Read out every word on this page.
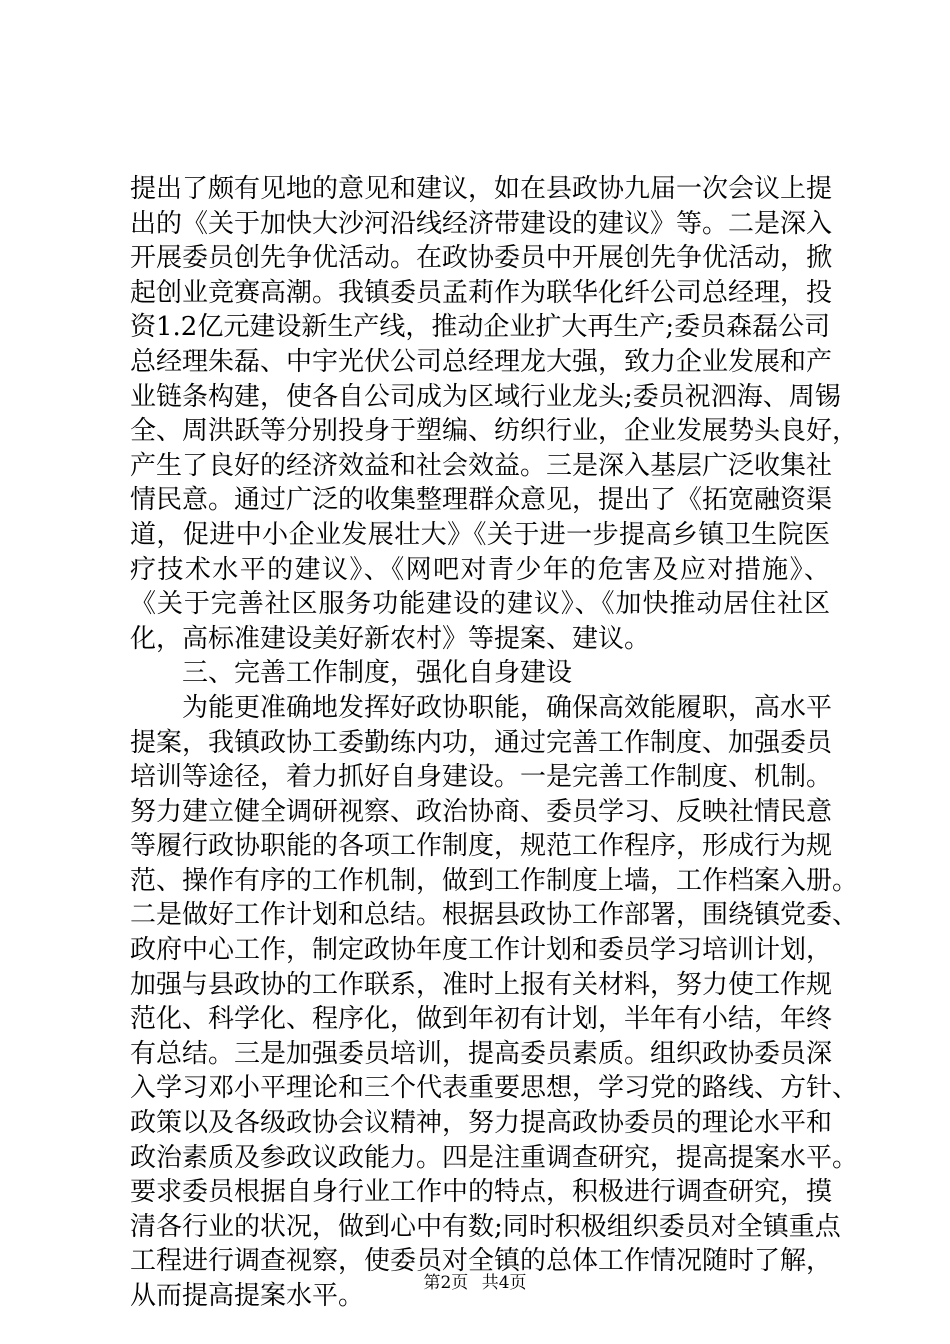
提出了颇有见地的意见和建议，如在县政协九届一次会议上提
出的《关于加快大沙河沿线经济带建设的建议》等。二是深入
开展委员创先争优活动。在政协委员中开展创先争优活动，掀
起创业竞赛高潮。我镇委员孟莉作为联华化纤公司总经理，投
资1.2亿元建设新生产线，推动企业扩大再生产;委员森磊公司
总经理朱磊、中宇光伏公司总经理龙大强，致力企业发展和产
业链条构建，使各自公司成为区域行业龙头;委员祝泗海、周锡
全、周洪跃等分别投身于塑编、纺织行业，企业发展势头良好，
产生了良好的经济效益和社会效益。三是深入基层广泛收集社
情民意。通过广泛的收集整理群众意见，提出了《拓宽融资渠
道，促进中小企业发展壮大》《关于进一步提高乡镇卫生院医
疗技术水平的建议》、《网吧对青少年的危害及应对措施》、
《关于完善社区服务功能建设的建议》、《加快推动居住社区
化，高标准建设美好新农村》等提案、建议。
三、完善工作制度，强化自身建设
为能更准确地发挥好政协职能，确保高效能履职，高水平
提案，我镇政协工委勤练内功，通过完善工作制度、加强委员
培训等途径，着力抓好自身建设。一是完善工作制度、机制。
努力建立健全调研视察、政治协商、委员学习、反映社情民意
等履行政协职能的各项工作制度，规范工作程序，形成行为规
范、操作有序的工作机制，做到工作制度上墙，工作档案入册。
二是做好工作计划和总结。根据县政协工作部署，围绕镇党委、
政府中心工作，制定政协年度工作计划和委员学习培训计划，
加强与县政协的工作联系，准时上报有关材料，努力使工作规
范化、科学化、程序化，做到年初有计划，半年有小结，年终
有总结。三是加强委员培训，提高委员素质。组织政协委员深
入学习邓小平理论和三个代表重要思想，学习党的路线、方针、
政策以及各级政协会议精神，努力提高政协委员的理论水平和
政治素质及参政议政能力。四是注重调查研究，提高提案水平。
要求委员根据自身行业工作中的特点，积极进行调查研究，摸
清各行业的状况，做到心中有数;同时积极组织委员对全镇重点
工程进行调查视察，使委员对全镇的总体工作情况随时了解，
从而提高提案水平。	第2页 共4页
